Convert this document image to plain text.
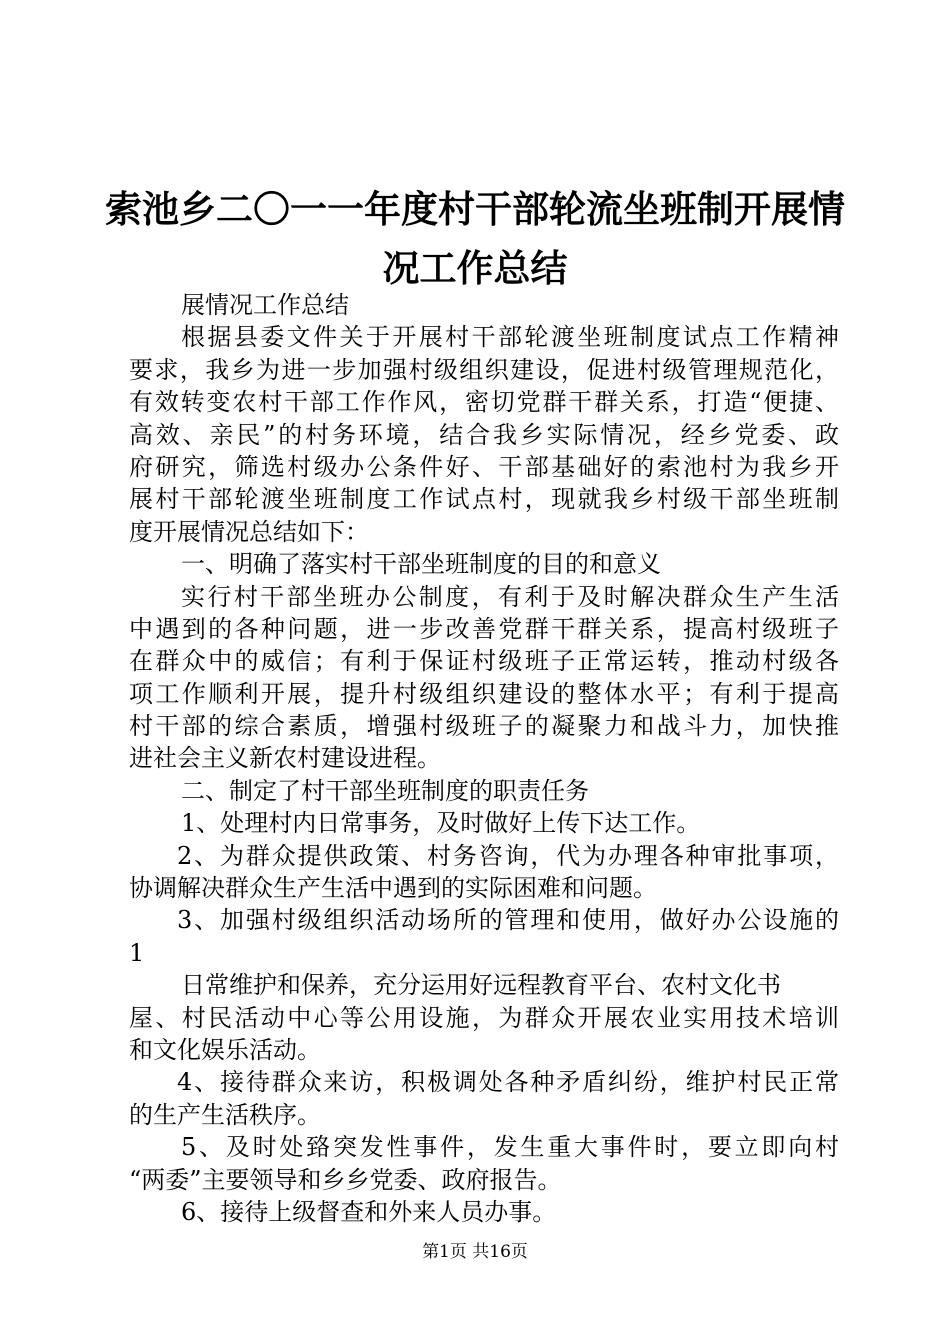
索池乡二〇一一年度村干部轮流坐班制开展情
况工作总结
展情况工作总结
根据县委文件关于开展村干部轮渡坐班制度试点工作精神
要求，我乡为进一步加强村级组织建设，促进村级管理规范化，
有效转变农村干部工作作风，密切党群干群关系，打造“便捷、
高效、亲民”的村务环境，结合我乡实际情况，经乡党委、政
府研究，筛选村级办公条件好、干部基础好的索池村为我乡开
展村干部轮渡坐班制度工作试点村，现就我乡村级干部坐班制
度开展情况总结如下：
一、明确了落实村干部坐班制度的目的和意义
实行村干部坐班办公制度，有利于及时解决群众生产生活
中遇到的各种问题，进一步改善党群干群关系，提高村级班子
在群众中的威信；有利于保证村级班子正常运转，推动村级各
项工作顺利开展，提升村级组织建设的整体水平；有利于提高
村干部的综合素质，增强村级班子的凝聚力和战斗力，加快推
进社会主义新农村建设进程。
二、制定了村干部坐班制度的职责任务
1、处理村内日常事务，及时做好上传下达工作。
2、为群众提供政策、村务咨询，代为办理各种审批事项，
协调解决群众生产生活中遇到的实际困难和问题。
3、加强村级组织活动场所的管理和使用，做好办公设施的
1
日常维护和保养，充分运用好远程教育平台、农村文化书
屋、村民活动中心等公用设施，为群众开展农业实用技术培训
和文化娱乐活动。
4、接待群众来访，积极调处各种矛盾纠纷，维护村民正常
的生产生活秩序。
5、及时处臵突发性事件，发生重大事件时，要立即向村
“两委”主要领导和乡乡党委、政府报告。
6、接待上级督查和外来人员办事。
第1页 共16页
